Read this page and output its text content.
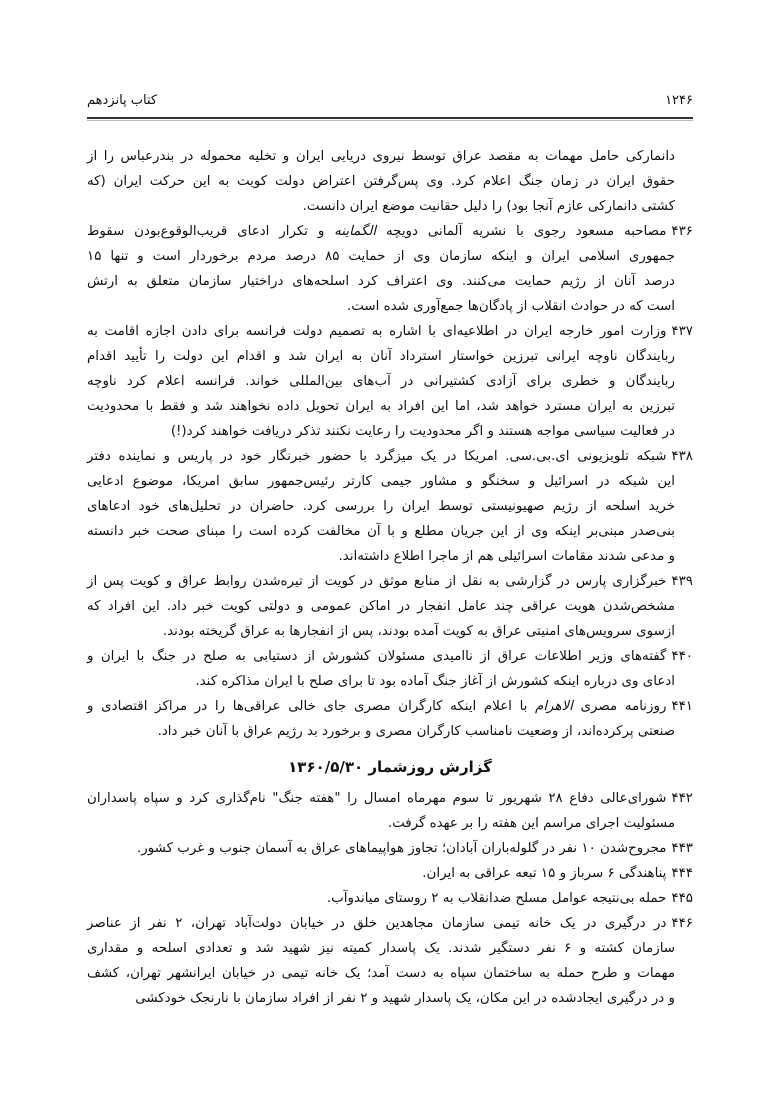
۱۲۴۶
کتاب پانزدهم
دانمارکی حامل مهمات به مقصد عراق توسط نیروی دریایی ایران و تخلیه محموله در بندرعباس را از
حقوق ایران در زمان جنگ اعلام کرد. وی پس‌گرفتن اعتراض دولت کویت به این حرکت ایران (که
کشتی دانمارکی عازم آنجا بود) را دلیل حقانیت موضع ایران دانست.
۴۳۶مصاحبه مسعود رجوی با نشریه آلمانی دویچه الگماینه و تکرار ادعای قریب‌الوقوع‌بودن سقوط
جمهوری اسلامی ایران و اینکه سازمان وی از حمایت ۸۵ درصد مردم برخوردار است و تنها ۱۵
درصد آنان از رژیم حمایت می‌کنند. وی اعتراف کرد اسلحه‌های دراختیار سازمان متعلق به ارتش
است که در حوادث انقلاب از پادگان‌ها جمع‌آوری شده است.
۴۳۷وزارت امور خارجه ایران در اطلاعیه‌ای با اشاره به تصمیم دولت فرانسه برای دادن اجازه اقامت به
ربایندگان ناوچه ایرانی تبرزین خواستار استرداد آنان به ایران شد و اقدام این دولت را تأیید اقدام
ربایندگان و خطری برای آزادی کشتیرانی در آب‌های بین‌المللی خواند. فرانسه اعلام کرد ناوچه
تبرزین به ایران مسترد خواهد شد، اما این افراد به ایران تحویل داده نخواهند شد و فقط با محدودیت
در فعالیت سیاسی مواجه هستند و اگر محدودیت را رعایت نکنند تذکر دریافت خواهند کرد(!)
۴۳۸شبکه تلویزیونی ای.بی.سی. امریکا در یک میزگرد با حضور خبرنگار خود در پاریس و نماینده دفتر
این شبکه در اسرائیل و سخنگو و مشاور جیمی کارتر رئیس‌جمهور سابق امریکا، موضوع ادعایی
خرید اسلحه از رژیم صهیونیستی توسط ایران را بررسی کرد. حاضران در تحلیل‌های خود ادعاهای
بنی‌صدر مبنی‌بر اینکه وی از این جریان مطلع و با آن مخالفت کرده است را مبنای صحت خبر دانسته
و مدعی شدند مقامات اسرائیلی هم از ماجرا اطلاع داشته‌اند.
۴۳۹خبرگزاری پارس در گزارشی به نقل از منابع موثق در کویت از تیره‌شدن روابط عراق و کویت پس از
مشخص‌شدن هویت عراقی چند عامل انفجار در اماکن عمومی و دولتی کویت خبر داد. این افراد که
ازسوی سرویس‌های امنیتی عراق به کویت آمده بودند، پس از انفجارها به عراق گریخته بودند.
۴۴۰گفته‌های وزیر اطلاعات عراق از ناامیدی مسئولان کشورش از دستیابی به صلح در جنگ با ایران و
ادعای وی درباره اینکه کشورش از آغاز جنگ آماده بود تا برای صلح با ایران مذاکره کند.
۴۴۱روزنامه مصری الاهرام با اعلام اینکه کارگران مصری جای خالی عراقی‌ها را در مراکز اقتصادی و
صنعتی پرکرده‌اند، از وضعیت نامناسب کارگران مصری و برخورد بد رژیم عراق با آنان خبر داد.
گزارش روزشمار ۱۳۶۰/۵/۳۰
۴۴۲شورای‌عالی دفاع ۲۸ شهریور تا سوم مهرماه امسال را "هفته جنگ" نام‌گذاری کرد و سپاه پاسداران
مسئولیت اجرای مراسم این هفته را بر عهده گرفت.
۴۴۳مجروح‌شدن ۱۰ نفر در گلوله‌باران آبادان؛ تجاوز هواپیماهای عراق به آسمان جنوب و غرب کشور.
۴۴۴پناهندگی ۶ سرباز و ۱۵ تبعه عراقی به ایران.
۴۴۵حمله بی‌نتیجه عوامل مسلح ضدانقلاب به ۲ روستای میاندوآب.
۴۴۶در درگیری در یک خانه تیمی سازمان مجاهدین خلق در خیابان دولت‌آباد تهران، ۲ نفر از عناصر
سازمان کشته و ۶ نفر دستگیر شدند. یک پاسدار کمیته نیز شهید شد و تعدادی اسلحه و مقداری
مهمات و طرح حمله به ساختمان سپاه به دست آمد؛ یک خانه تیمی در خیابان ایرانشهر تهران، کشف
و در درگیری ایجادشده در این مکان، یک پاسدار شهید و ۲ نفر از افراد سازمان با نارنجک خودکشی
